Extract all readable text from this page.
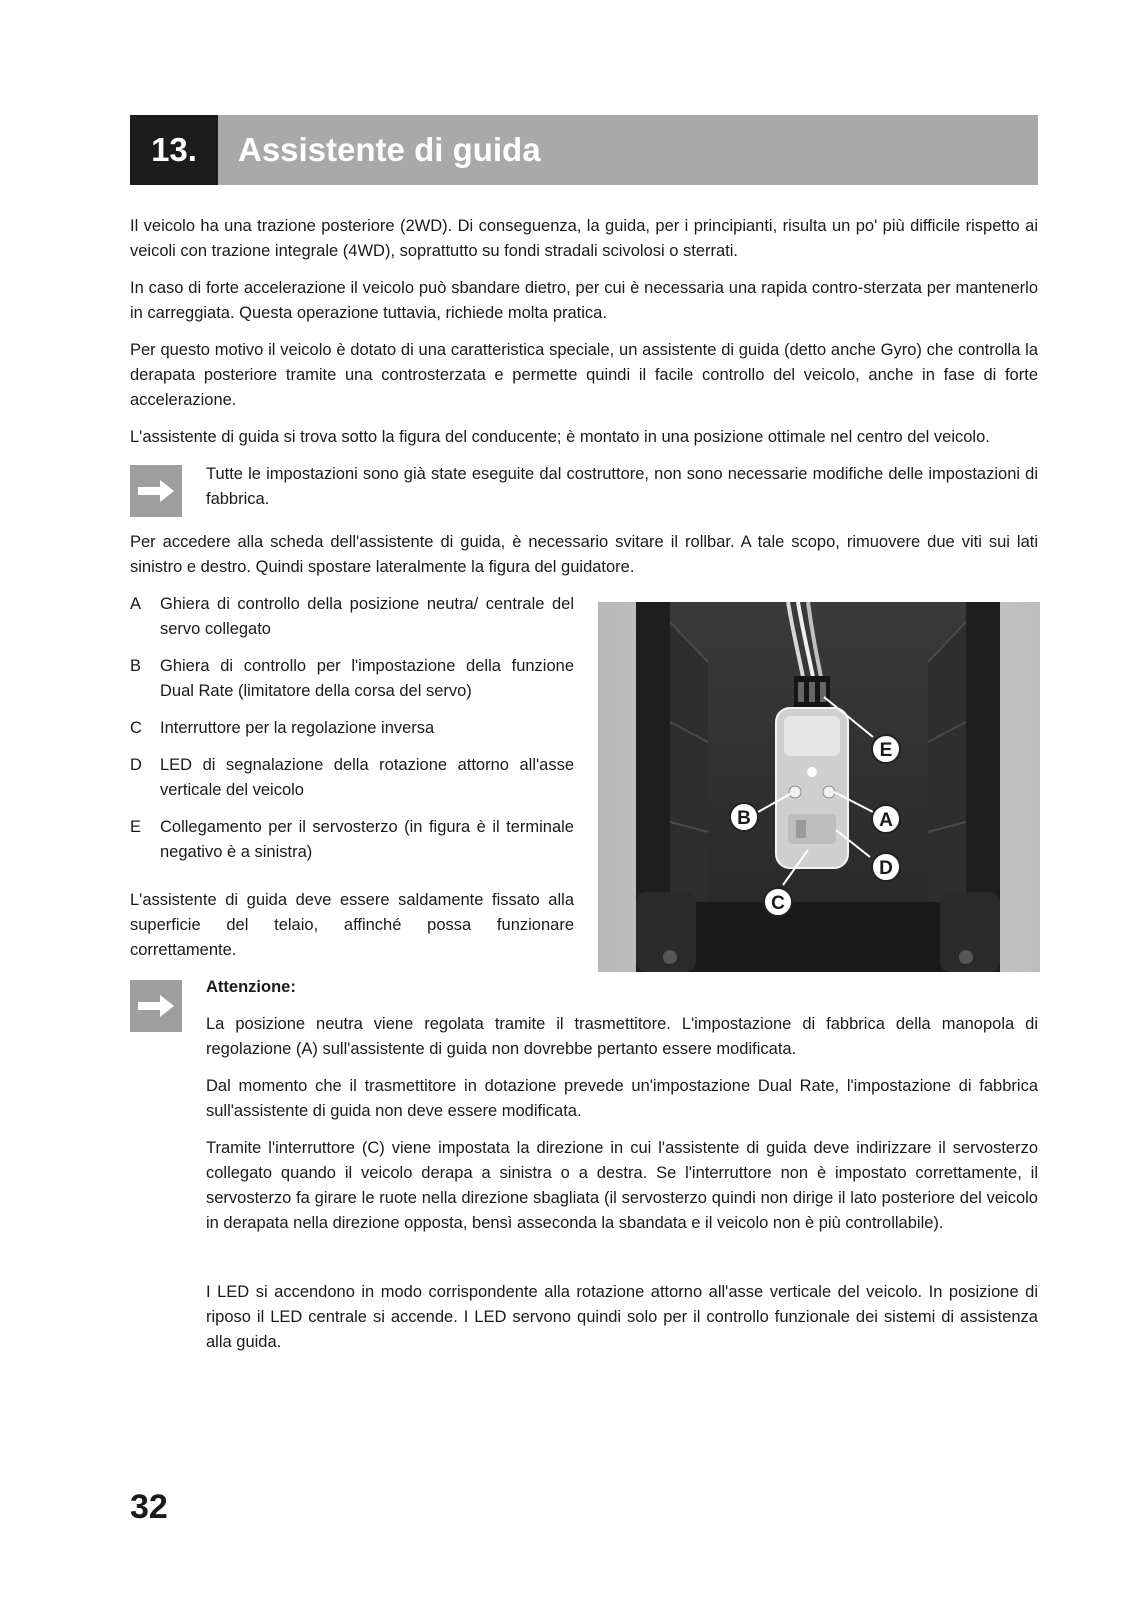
13.	Assistente di guida

Il veicolo ha una trazione posteriore (2WD). Di conseguenza, la guida, per i principianti, risulta un po' più difficile rispetto ai veicoli con trazione integrale (4WD), soprattutto su fondi stradali scivolosi o sterrati.

In caso di forte accelerazione il veicolo può sbandare dietro, per cui è necessaria una rapida contro-sterzata per mantenerlo in carreggiata. Questa operazione tuttavia, richiede molta pratica.

Per questo motivo il veicolo è dotato di una caratteristica speciale, un assistente di guida (detto anche Gyro) che controlla la derapata posteriore tramite una controsterzata e permette quindi il facile controllo del veicolo, anche in fase di forte accelerazione.

L'assistente di guida si trova sotto la figura del conducente; è montato in una posizione ottimale nel centro del veicolo.

Tutte le impostazioni sono già state eseguite dal costruttore, non sono necessarie modifiche delle impostazioni di fabbrica.

Per accedere alla scheda dell'assistente di guida, è necessario svitare il rollbar. A tale scopo, rimuovere due viti sui lati sinistro e destro. Quindi spostare lateralmente la figura del guidatore.

A	Ghiera di controllo della posizione neutra/ centrale del servo collegato
B	Ghiera di controllo per l'impostazione della funzione Dual Rate (limitatore della corsa del servo)
C	Interruttore per la regolazione inversa
D	LED di segnalazione della rotazione attorno all'asse verticale del veicolo
E	Collegamento per il servosterzo (in figura è il terminale negativo è a sinistra)

L'assistente di guida deve essere saldamente fissato alla superficie del telaio, affinché possa funzionare correttamente.

E
A
B
D
C

Attenzione:

La posizione neutra viene regolata tramite il trasmettitore. L'impostazione di fabbrica della manopola di regolazione (A) sull'assistente di guida non dovrebbe pertanto essere modificata.

Dal momento che il trasmettitore in dotazione prevede un'impostazione Dual Rate, l'impostazione di fabbrica sull'assistente di guida non deve essere modificata.

Tramite l'interruttore (C) viene impostata la direzione in cui l'assistente di guida deve indirizzare il servosterzo collegato quando il veicolo derapa a sinistra o a destra. Se l'interruttore non è impostato correttamente, il servosterzo fa girare le ruote nella direzione sbagliata (il servosterzo quindi non dirige il lato posteriore del veicolo in derapata nella direzione opposta, bensì asseconda la sbandata e il veicolo non è più controllabile).

I LED si accendono in modo corrispondente alla rotazione attorno all'asse verticale del veicolo. In posizione di riposo il LED centrale si accende. I LED servono quindi solo per il controllo funzionale dei sistemi di assistenza alla guida.

32
